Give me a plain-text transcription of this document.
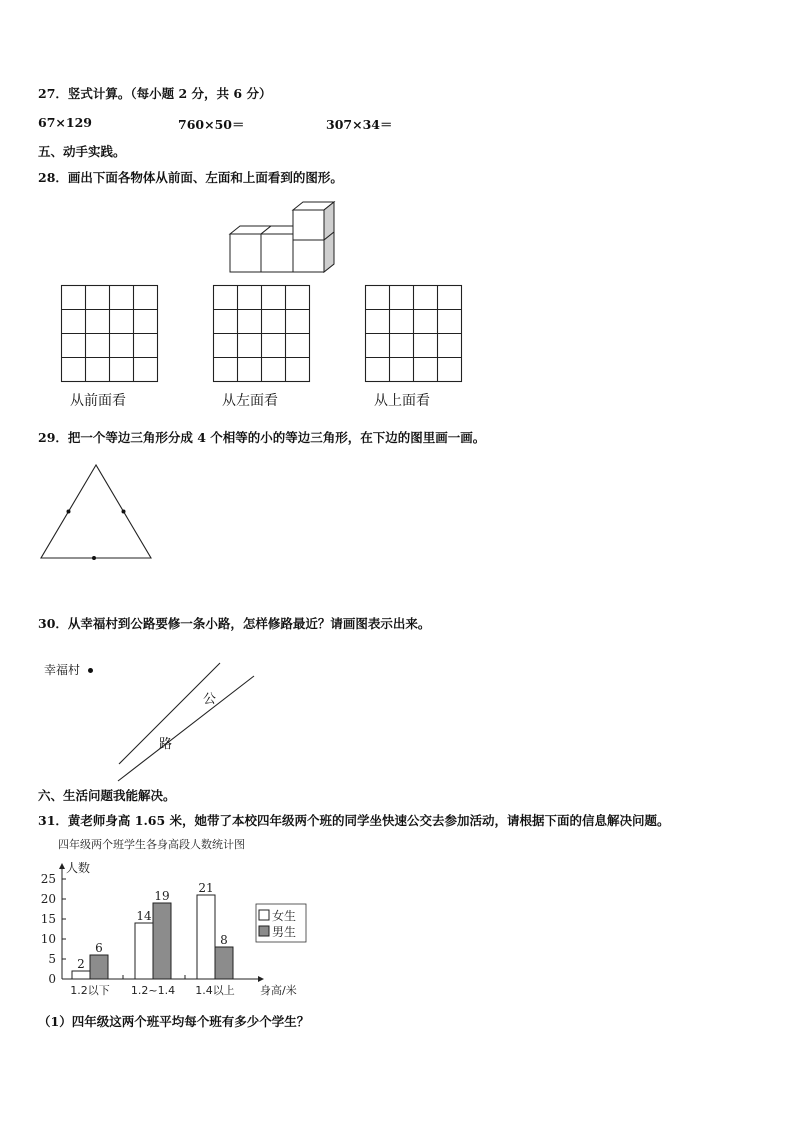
27．竖式计算。（每小题 2 分，共 6 分）
67×129	760×50＝	307×34＝
五、动手实践。
28．画出下面各物体从前面、左面和上面看到的图形。
从前面看	从左面看	从上面看
29．把一个等边三角形分成 4 个相等的小的等边三角形，在下边的图里画一画。
30．从幸福村到公路要修一条小路，怎样修路最近？请画图表示出来。
幸福村
公
路
六、生活问题我能解决。
31．黄老师身高 1.65 米，她带了本校四年级两个班的同学坐快速公交去参加活动，请根据下面的信息解决问题。
四年级两个班学生各身高段人数统计图
人数
身高/米
0
5
10
15
20
25
1.2以下 1.2~1.4 1.4以上
2
6
14
19
21
8
女生
男生
（1）四年级这两个班平均每个班有多少个学生？
